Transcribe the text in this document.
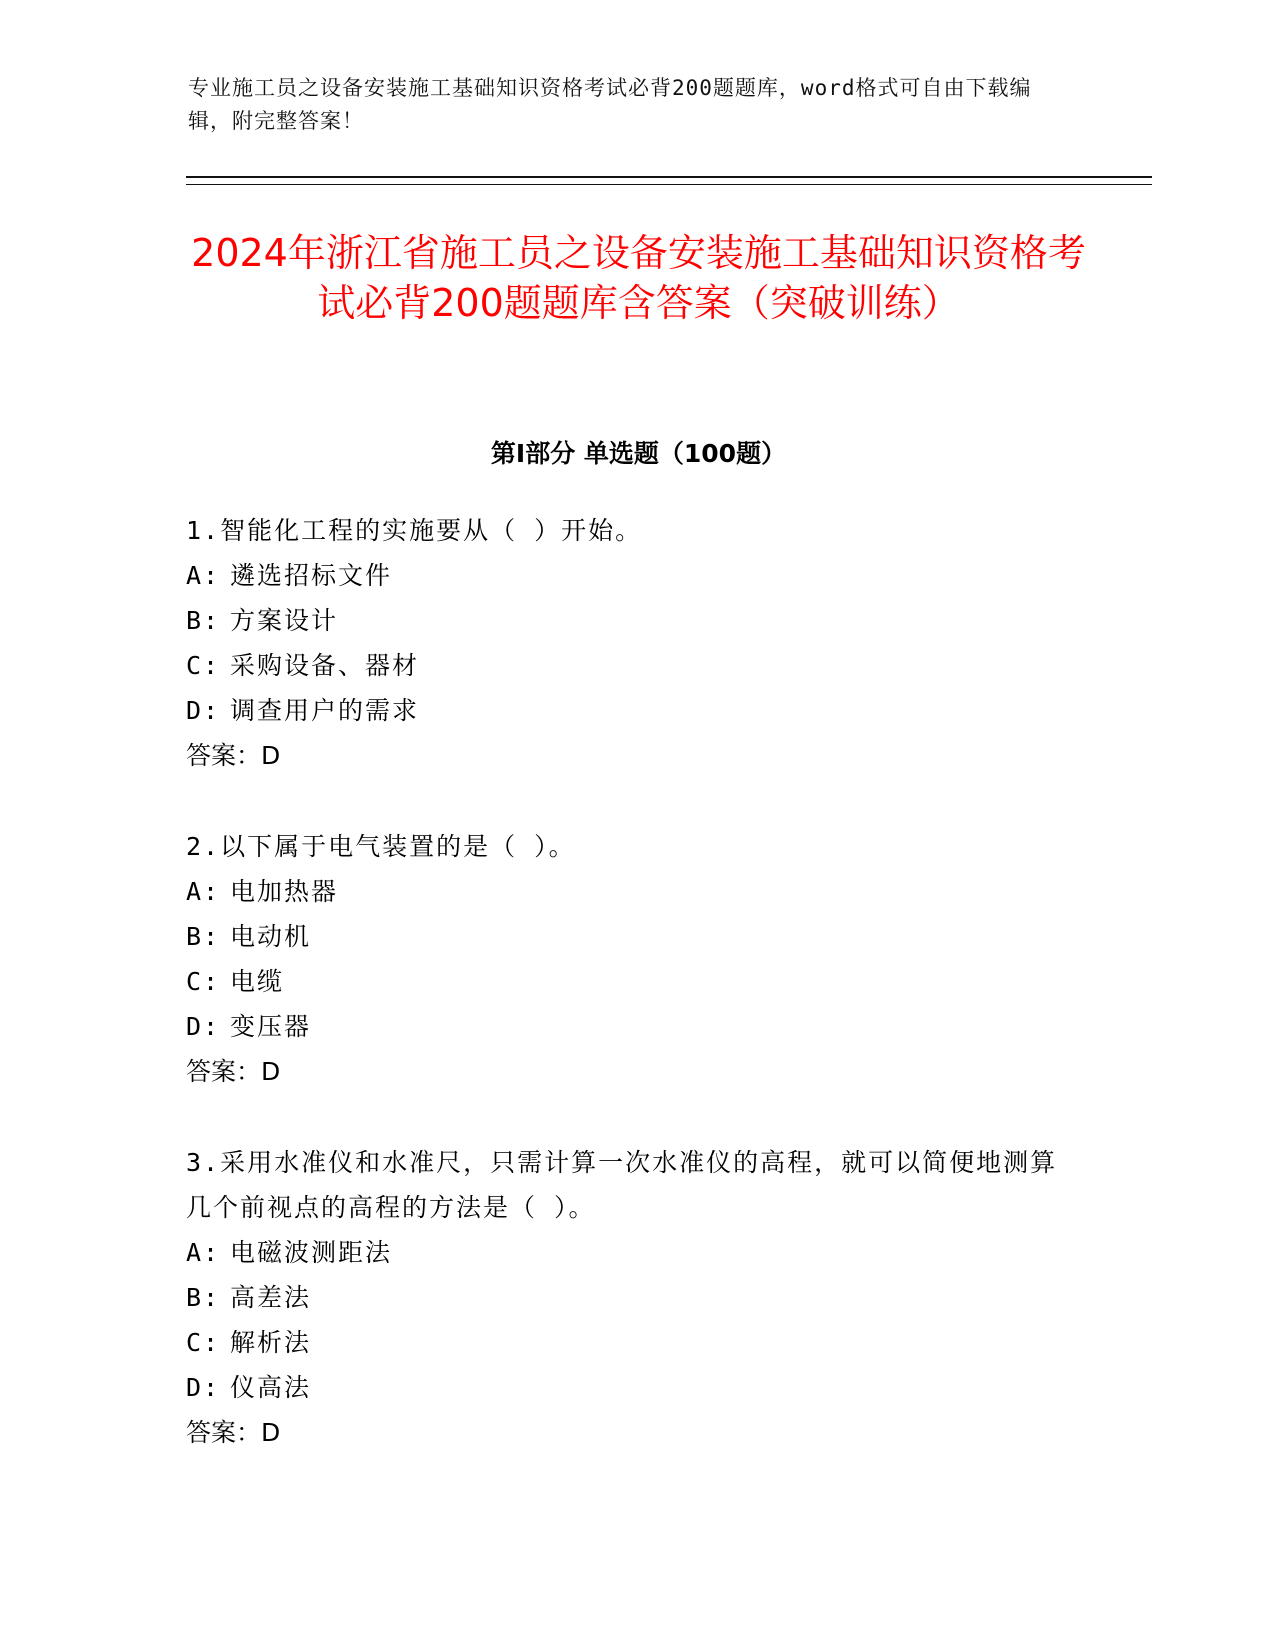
专业施工员之设备安装施工基础知识资格考试必背200题题库，word格式可自由下载编辑，附完整答案！
2024年浙江省施工员之设备安装施工基础知识资格考试必背200题题库含答案（突破训练）
第I部分 单选题（100题）
1.智能化工程的实施要从（ ）开始。
A: 遴选招标文件
B: 方案设计
C: 采购设备、器材
D: 调查用户的需求
答案：D
2.以下属于电气装置的是（ ）。
A: 电加热器
B: 电动机
C: 电缆
D: 变压器
答案：D
3.采用水准仪和水准尺，只需计算一次水准仪的高程，就可以简便地测算几个前视点的高程的方法是（ ）。
A: 电磁波测距法
B: 高差法
C: 解析法
D: 仪高法
答案：D
